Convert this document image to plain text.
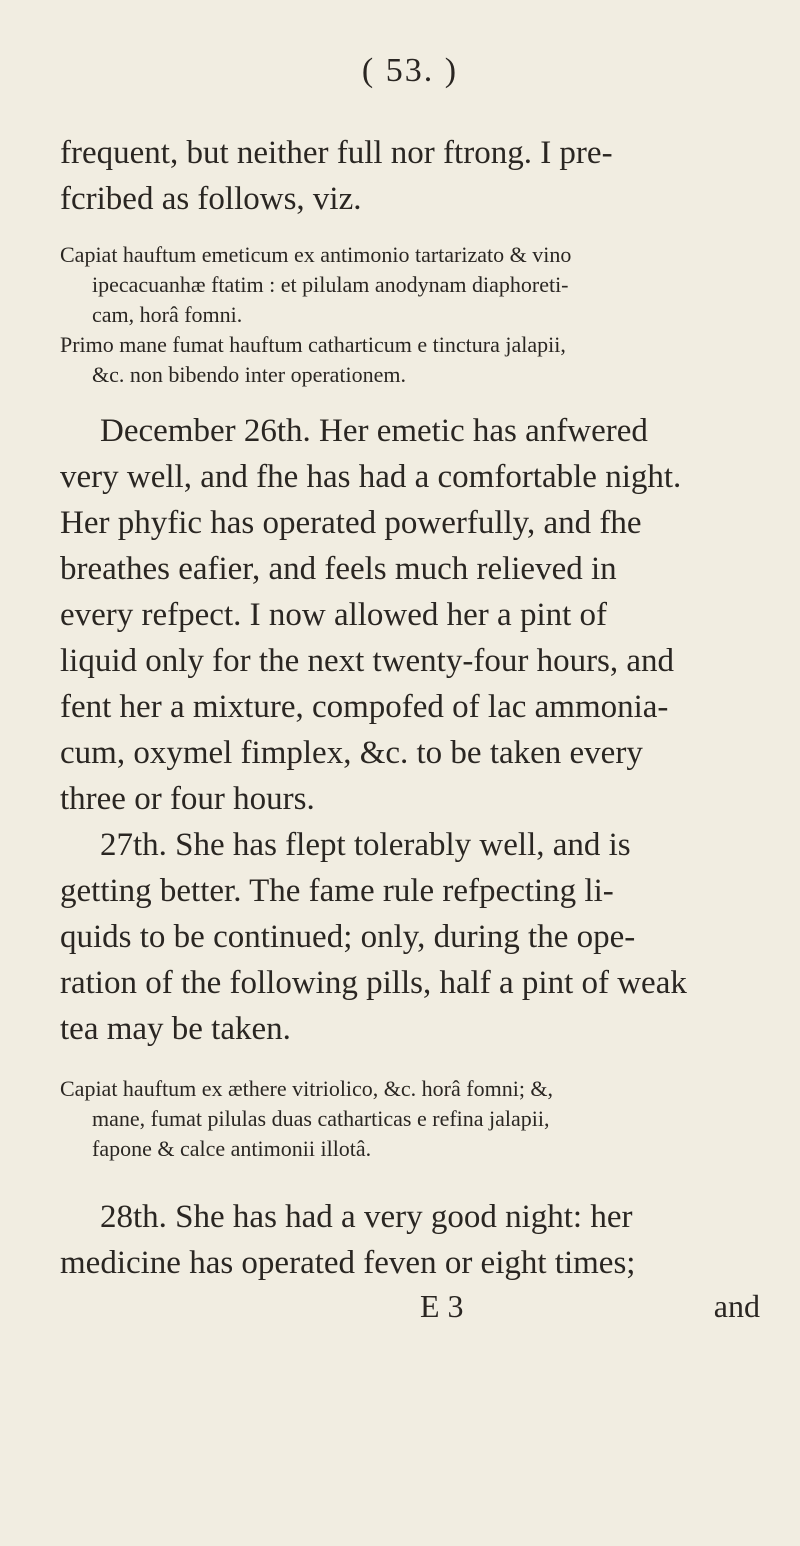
( 53. )

frequent, but neither full nor ftrong. I pre-
fcribed as follows, viz.

Capiat hauftum emeticum ex antimonio tartarizato & vino
ipecacuanhæ ftatim : et pilulam anodynam diaphoreti-
cam, horâ fomni.
Primo mane fumat hauftum catharticum e tinctura jalapii,
&c. non bibendo inter operationem.

December 26th. Her emetic has anfwered
very well, and fhe has had a comfortable night.
Her phyfic has operated powerfully, and fhe
breathes eafier, and feels much relieved in
every refpect. I now allowed her a pint of
liquid only for the next twenty-four hours, and
fent her a mixture, compofed of lac ammonia-
cum, oxymel fimplex, &c. to be taken every
three or four hours.

27th. She has flept tolerably well, and is
getting better. The fame rule refpecting li-
quids to be continued; only, during the ope-
ration of the following pills, half a pint of weak
tea may be taken.

Capiat hauftum ex æthere vitriolico, &c. horâ fomni; &,
mane, fumat pilulas duas catharticas e refina jalapii,
fapone & calce antimonii illotâ.

28th. She has had a very good night: her
medicine has operated feven or eight times;

E 3	and
